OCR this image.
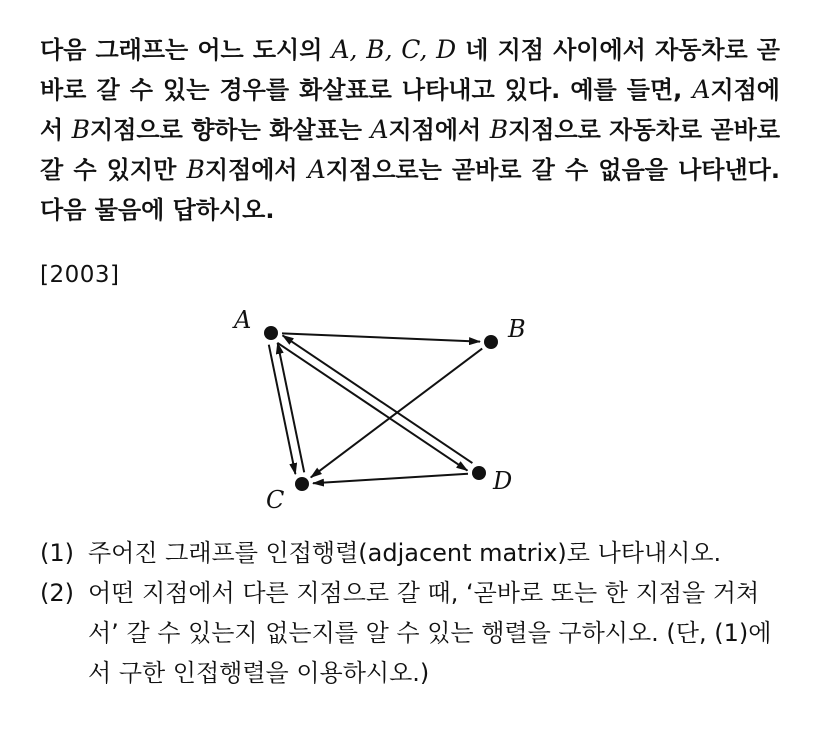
다음 그래프는 어느 도시의 A, B, C, D 네 지점 사이에서 자동차로 곧바로 갈 수 있는 경우를 화살표로 나타내고 있다. 예를 들면, A지점에서 B지점으로 향하는 화살표는 A지점에서 B지점으로 자동차로 곧바로 갈 수 있지만 B지점에서 A지점으로는 곧바로 갈 수 없음을 나타낸다. 다음 물음에 답하시오.
[2003]
A	B
C
D
(1) 주어진 그래프를 인접행렬(adjacent matrix)로 나타내시오.
(2) 어떤 지점에서 다른 지점으로 갈 때, ‘곧바로 또는 한 지점을 거쳐서’ 갈 수 있는지 없는지를 알 수 있는 행렬을 구하시오. (단, (1)에서 구한 인접행렬을 이용하시오.)
